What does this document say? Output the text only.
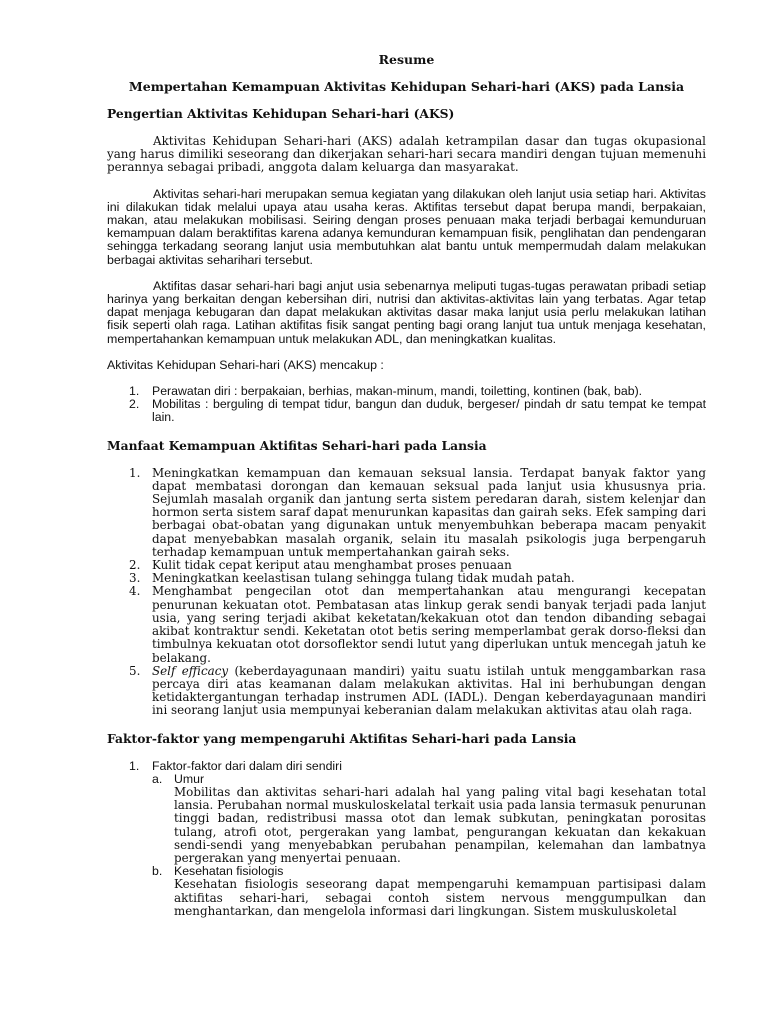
Resume
Mempertahan Kemampuan Aktivitas Kehidupan Sehari-hari (AKS) pada Lansia
Pengertian Aktivitas Kehidupan Sehari-hari (AKS)

Aktivitas Kehidupan Sehari-hari (AKS) adalah ketrampilan dasar dan tugas okupasional yang harus dimiliki seseorang dan dikerjakan sehari-hari secara mandiri dengan tujuan memenuhi perannya sebagai pribadi, anggota dalam keluarga dan masyarakat.

Aktivitas sehari-hari merupakan semua kegiatan yang dilakukan oleh lanjut usia setiap hari. Aktivitas ini dilakukan tidak melalui upaya atau usaha keras. Aktifitas tersebut dapat berupa mandi, berpakaian, makan, atau melakukan mobilisasi. Seiring dengan proses penuaan maka terjadi berbagai kemunduruan kemampuan dalam beraktifitas karena adanya kemunduran kemampuan fisik, penglihatan dan pendengaran sehingga terkadang seorang lanjut usia membutuhkan alat bantu untuk mempermudah dalam melakukan berbagai aktivitas seharihari tersebut.

Aktifitas dasar sehari-hari bagi anjut usia sebenarnya meliputi tugas-tugas perawatan pribadi setiap harinya yang berkaitan dengan kebersihan diri, nutrisi dan aktivitas-aktivitas lain yang terbatas. Agar tetap dapat menjaga kebugaran dan dapat melakukan aktivitas dasar maka lanjut usia perlu melakukan latihan fisik seperti olah raga. Latihan aktifitas fisik sangat penting bagi orang lanjut tua untuk menjaga kesehatan, mempertahankan kemampuan untuk melakukan ADL, dan meningkatkan kualitas.

Aktivitas Kehidupan Sehari-hari (AKS) mencakup :

1. Perawatan diri : berpakaian, berhias, makan-minum, mandi, toiletting, kontinen (bak, bab).
2. Mobilitas : berguling di tempat tidur, bangun dan duduk, bergeser/ pindah dr satu tempat ke tempat lain.
Manfaat Kemampuan Aktifitas Sehari-hari pada Lansia
1. Meningkatkan kemampuan dan kemauan seksual lansia. Terdapat banyak faktor yang dapat membatasi dorongan dan kemauan seksual pada lanjut usia khususnya pria. Sejumlah masalah organik dan jantung serta sistem peredaran darah, sistem kelenjar dan hormon serta sistem saraf dapat menurunkan kapasitas dan gairah seks. Efek samping dari berbagai obat-obatan yang digunakan untuk menyembuhkan beberapa macam penyakit dapat menyebabkan masalah organik, selain itu masalah psikologis juga berpengaruh terhadap kemampuan untuk mempertahankan gairah seks.
2. Kulit tidak cepat keriput atau menghambat proses penuaan
3. Meningkatkan keelastisan tulang sehingga tulang tidak mudah patah.
4. Menghambat pengecilan otot dan mempertahankan atau mengurangi kecepatan penurunan kekuatan otot. Pembatasan atas linkup gerak sendi banyak terjadi pada lanjut usia, yang sering terjadi akibat keketatan/kekakuan otot dan tendon dibanding sebagai akibat kontraktur sendi. Keketatan otot betis sering memperlambat gerak dorso-fleksi dan timbulnya kekuatan otot dorsoflektor sendi lutut yang diperlukan untuk mencegah jatuh ke belakang.
5. Self efficacy (keberdayagunaan mandiri) yaitu suatu istilah untuk menggambarkan rasa percaya diri atas keamanan dalam melakukan aktivitas. Hal ini berhubungan dengan ketidaktergantungan terhadap instrumen ADL (IADL). Dengan keberdayagunaan mandiri ini seorang lanjut usia mempunyai keberanian dalam melakukan aktivitas atau olah raga.
Faktor-faktor yang mempengaruhi Aktifitas Sehari-hari pada Lansia
1. Faktor-faktor dari dalam diri sendiri
a. Umur
Mobilitas dan aktivitas sehari-hari adalah hal yang paling vital bagi kesehatan total lansia. Perubahan normal muskuloskelatal terkait usia pada lansia termasuk penurunan tinggi badan, redistribusi massa otot dan lemak subkutan, peningkatan porositas tulang, atrofi otot, pergerakan yang lambat, pengurangan kekuatan dan kekakuan sendi-sendi yang menyebabkan perubahan penampilan, kelemahan dan lambatnya pergerakan yang menyertai penuaan.
b. Kesehatan fisiologis
Kesehatan fisiologis seseorang dapat mempengaruhi kemampuan partisipasi dalam aktifitas sehari-hari, sebagai contoh sistem nervous menggumpulkan dan menghantarkan, dan mengelola informasi dari lingkungan. Sistem muskuluskoletal
